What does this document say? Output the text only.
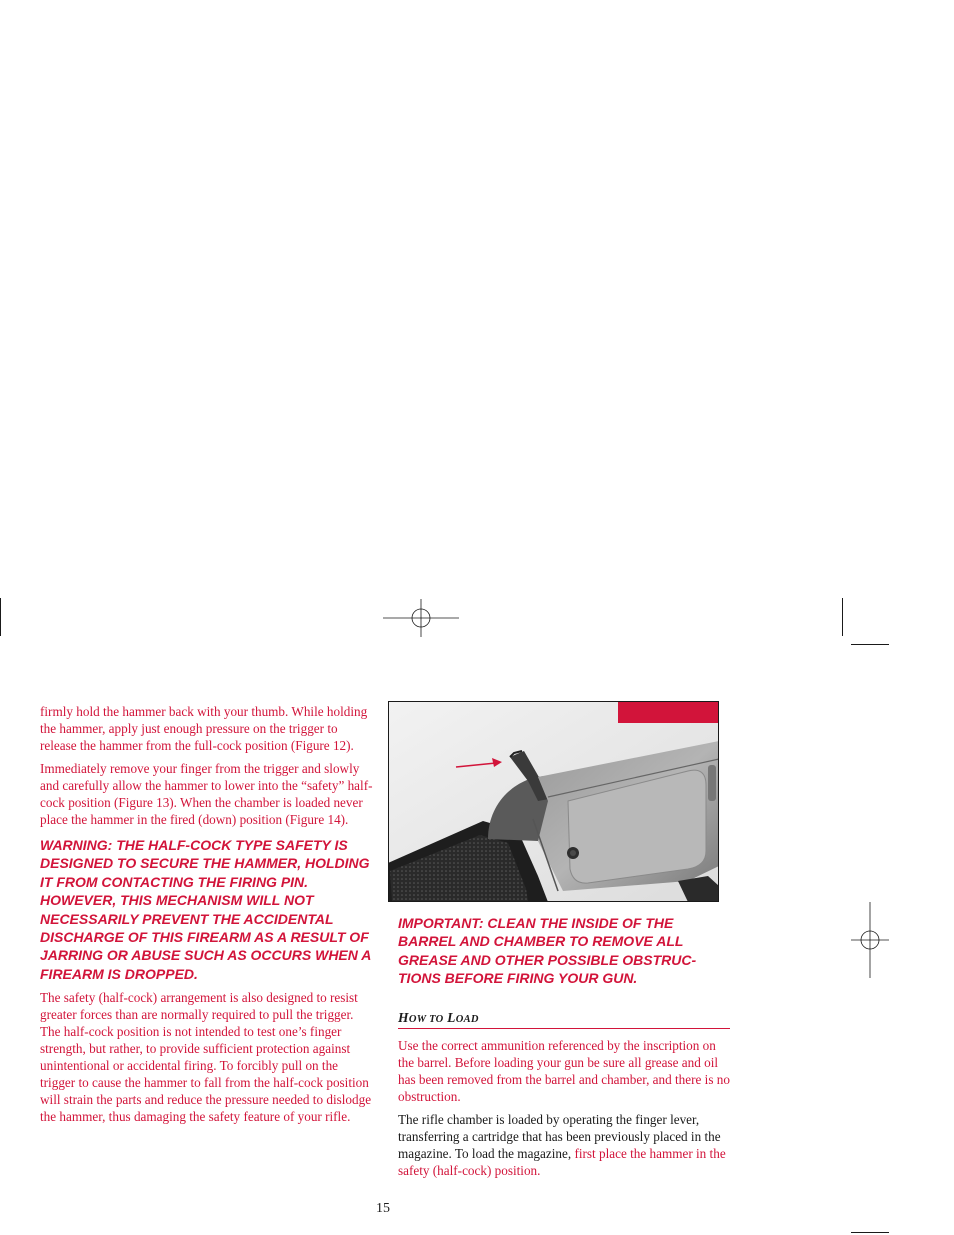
firmly hold the hammer back with your thumb. While holding the hammer, apply just enough pressure on the trigger to release the hammer from the full-cock position (Figure 12).

Immediately remove your finger from the trigger and slowly and carefully allow the hammer to lower into the “safety” half-cock position (Figure 13). When the chamber is loaded never place the hammer in the fired (down) position (Figure 14).

WARNING: THE HALF-COCK TYPE SAFETY IS DESIGNED TO SECURE THE HAMMER, HOLDING IT FROM CONTACTING THE FIRING PIN. HOWEVER, THIS MECHANISM WILL NOT NECESSARILY PREVENT THE ACCIDENTAL DISCHARGE OF THIS FIREARM AS A RESULT OF JARRING OR ABUSE SUCH AS OCCURS WHEN A FIREARM IS DROPPED.

The safety (half-cock) arrangement is also designed to resist greater forces than are normally required to pull the trigger. The half-cock position is not intended to test one’s finger strength, but rather, to provide sufficient protection against unintentional or accidental firing. To forcibly pull on the trigger to cause the hammer to fall from the half-cock position will strain the parts and reduce the pressure needed to dislodge the hammer, thus damaging the safety feature of your rifle.

IMPORTANT: CLEAN THE INSIDE OF THE BARREL AND CHAMBER TO REMOVE ALL GREASE AND OTHER POSSIBLE OBSTRUC- TIONS BEFORE FIRING YOUR GUN.

HOW TO LOAD

Use the correct ammunition referenced by the inscription on the barrel. Before loading your gun be sure all grease and oil has been removed from the barrel and chamber, and there is no obstruction.

The rifle chamber is loaded by operating the finger lever, transferring a cartridge that has been previously placed in the magazine. To load the magazine, first place the hammer in the safety (half-cock) position.

15
